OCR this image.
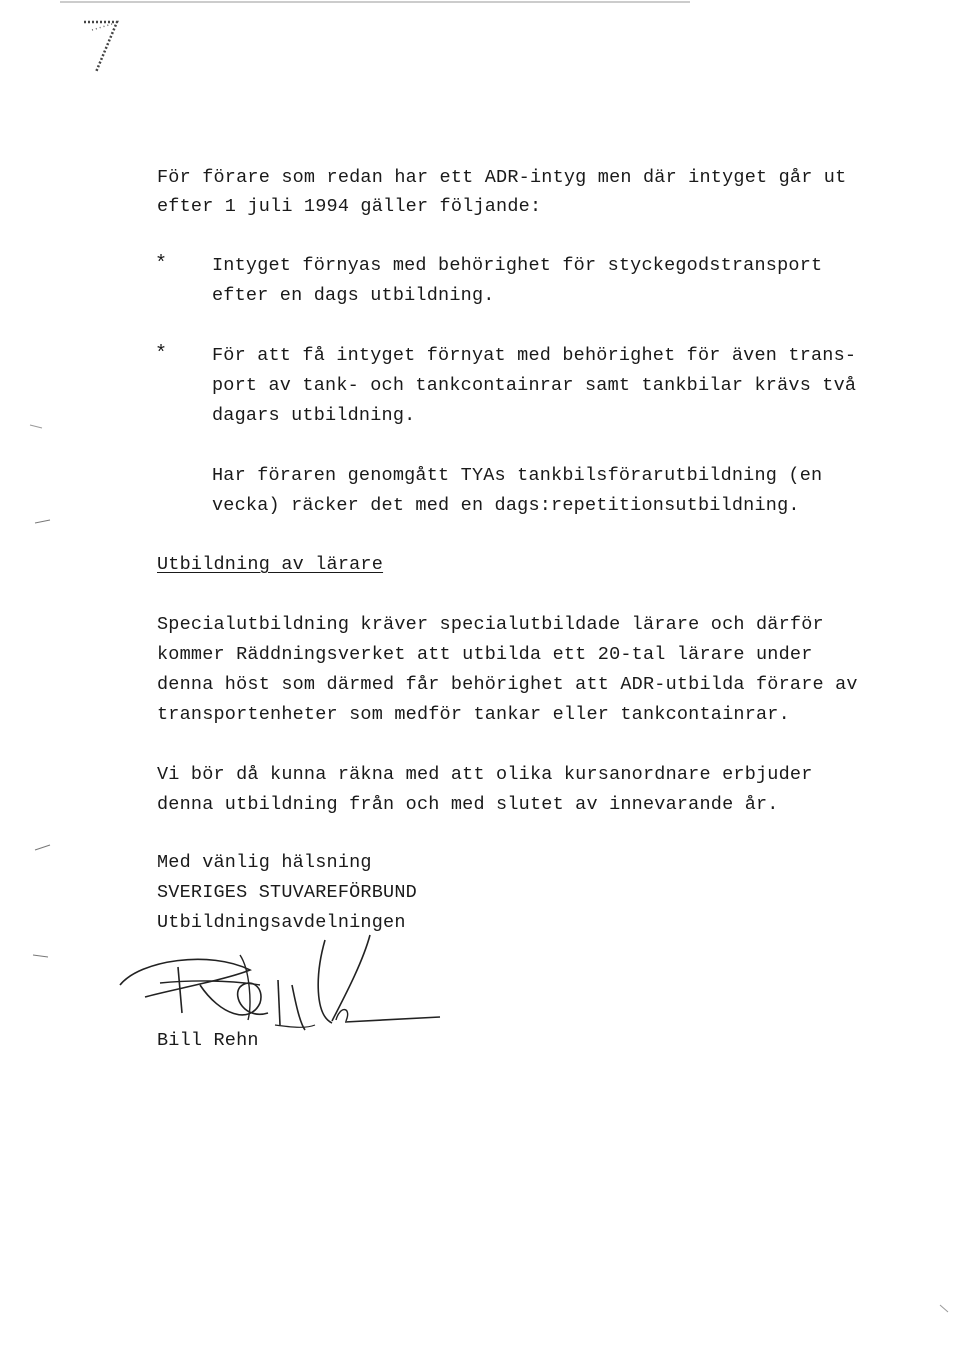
För förare som redan har ett ADR-intyg men där intyget går ut
efter 1 juli 1994 gäller följande:
* Intyget förnyas med behörighet för styckegodstransport
efter en dags utbildning.
* För att få intyget förnyat med behörighet för även trans-
port av tank- och tankcontainrar samt tankbilar krävs två
dagars utbildning.
Har föraren genomgått TYAs tankbilsförarutbildning (en
vecka) räcker det med en dags:repetitionsutbildning.
Utbildning av lärare
Specialutbildning kräver specialutbildade lärare och därför
kommer Räddningsverket att utbilda ett 20-tal lärare under
denna höst som därmed får behörighet att ADR-utbilda förare av
transportenheter som medför tankar eller tankcontainrar.
Vi bör då kunna räkna med att olika kursanordnare erbjuder
denna utbildning från och med slutet av innevarande år.
Med vänlig hälsning
SVERIGES STUVAREFÖRBUND
Utbildningsavdelningen
Bill Rehn
